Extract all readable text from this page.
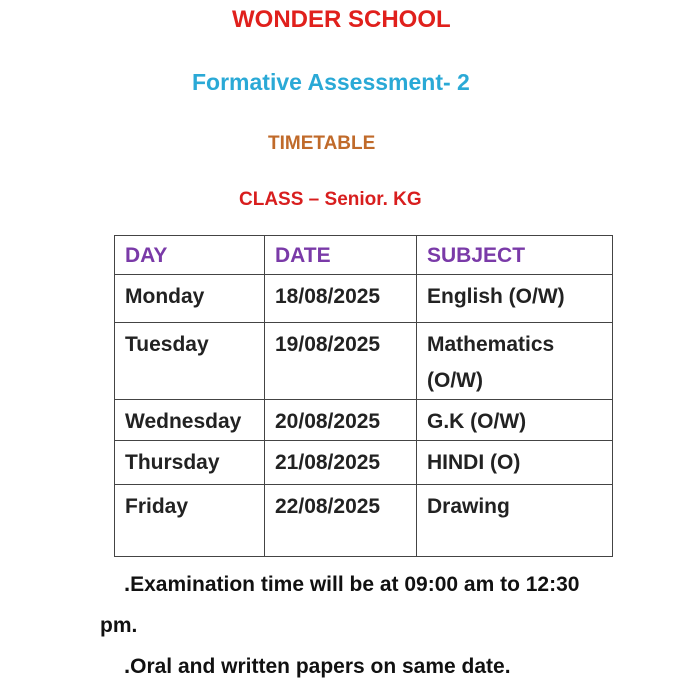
WONDER SCHOOL
Formative Assessment- 2
TIMETABLE
CLASS – Senior. KG
DAY	DATE	SUBJECT
Monday	18/08/2025	English (O/W)
Tuesday	19/08/2025	Mathematics (O/W)
Wednesday	20/08/2025	G.K (O/W)
Thursday	21/08/2025	HINDI (O)
Friday	22/08/2025	Drawing
.Examination time will be at 09:00 am to 12:30 pm.
.Oral and written papers on same date.
